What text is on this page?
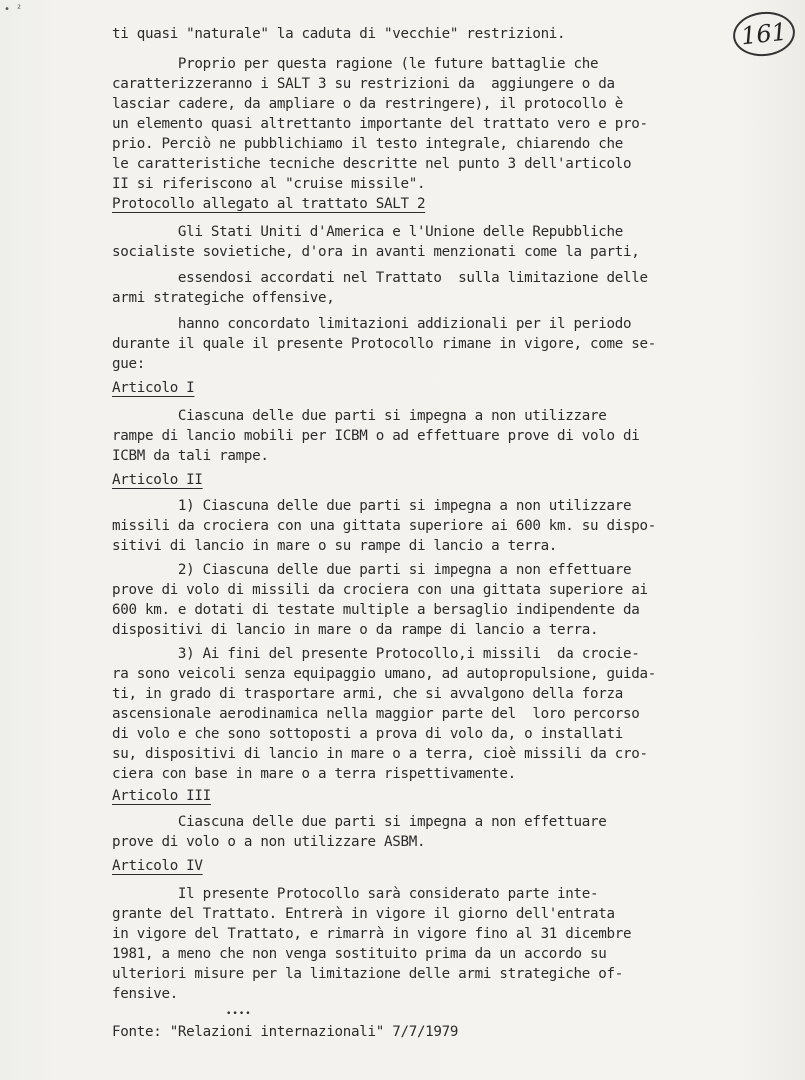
• ²
161
ti quasi "naturale" la caduta di "vecchie" restrizioni.
Proprio per questa ragione (le future battaglie che
caratterizzeranno i SALT 3 su restrizioni da  aggiungere o da
lasciar cadere, da ampliare o da restringere), il protocollo è
un elemento quasi altrettanto importante del trattato vero e pro-
prio. Perciò ne pubblichiamo il testo integrale, chiarendo che
le caratteristiche tecniche descritte nel punto 3 dell'articolo
II si riferiscono al "cruise missile".
Protocollo allegato al trattato SALT 2
Gli Stati Uniti d'America e l'Unione delle Repubbliche
socialiste sovietiche, d'ora in avanti menzionati come la parti,
essendosi accordati nel Trattato  sulla limitazione delle
armi strategiche offensive,
hanno concordato limitazioni addizionali per il periodo
durante il quale il presente Protocollo rimane in vigore, come se-
gue:
Articolo I
Ciascuna delle due parti si impegna a non utilizzare
rampe di lancio mobili per ICBM o ad effettuare prove di volo di
ICBM da tali rampe.
Articolo II
1) Ciascuna delle due parti si impegna a non utilizzare
missili da crociera con una gittata superiore ai 600 km. su dispo-
sitivi di lancio in mare o su rampe di lancio a terra.
2) Ciascuna delle due parti si impegna a non effettuare
prove di volo di missili da crociera con una gittata superiore ai
600 km. e dotati di testate multiple a bersaglio indipendente da
dispositivi di lancio in mare o da rampe di lancio a terra.
3) Ai fini del presente Protocollo,i missili  da crocie-
ra sono veicoli senza equipaggio umano, ad autopropulsione, guida-
ti, in grado di trasportare armi, che si avvalgono della forza
ascensionale aerodinamica nella maggior parte del  loro percorso
di volo e che sono sottoposti a prova di volo da, o installati
su, dispositivi di lancio in mare o a terra, cioè missili da cro-
ciera con base in mare o a terra rispettivamente.
Articolo III
Ciascuna delle due parti si impegna a non effettuare
prove di volo o a non utilizzare ASBM.
Articolo IV
Il presente Protocollo sarà considerato parte inte-
grante del Trattato. Entrerà in vigore il giorno dell'entrata
in vigore del Trattato, e rimarrà in vigore fino al 31 dicembre
1981, a meno che non venga sostituito prima da un accordo su
ulteriori misure per la limitazione delle armi strategiche of-
fensive.
••••
Fonte: "Relazioni internazionali" 7/7/1979
